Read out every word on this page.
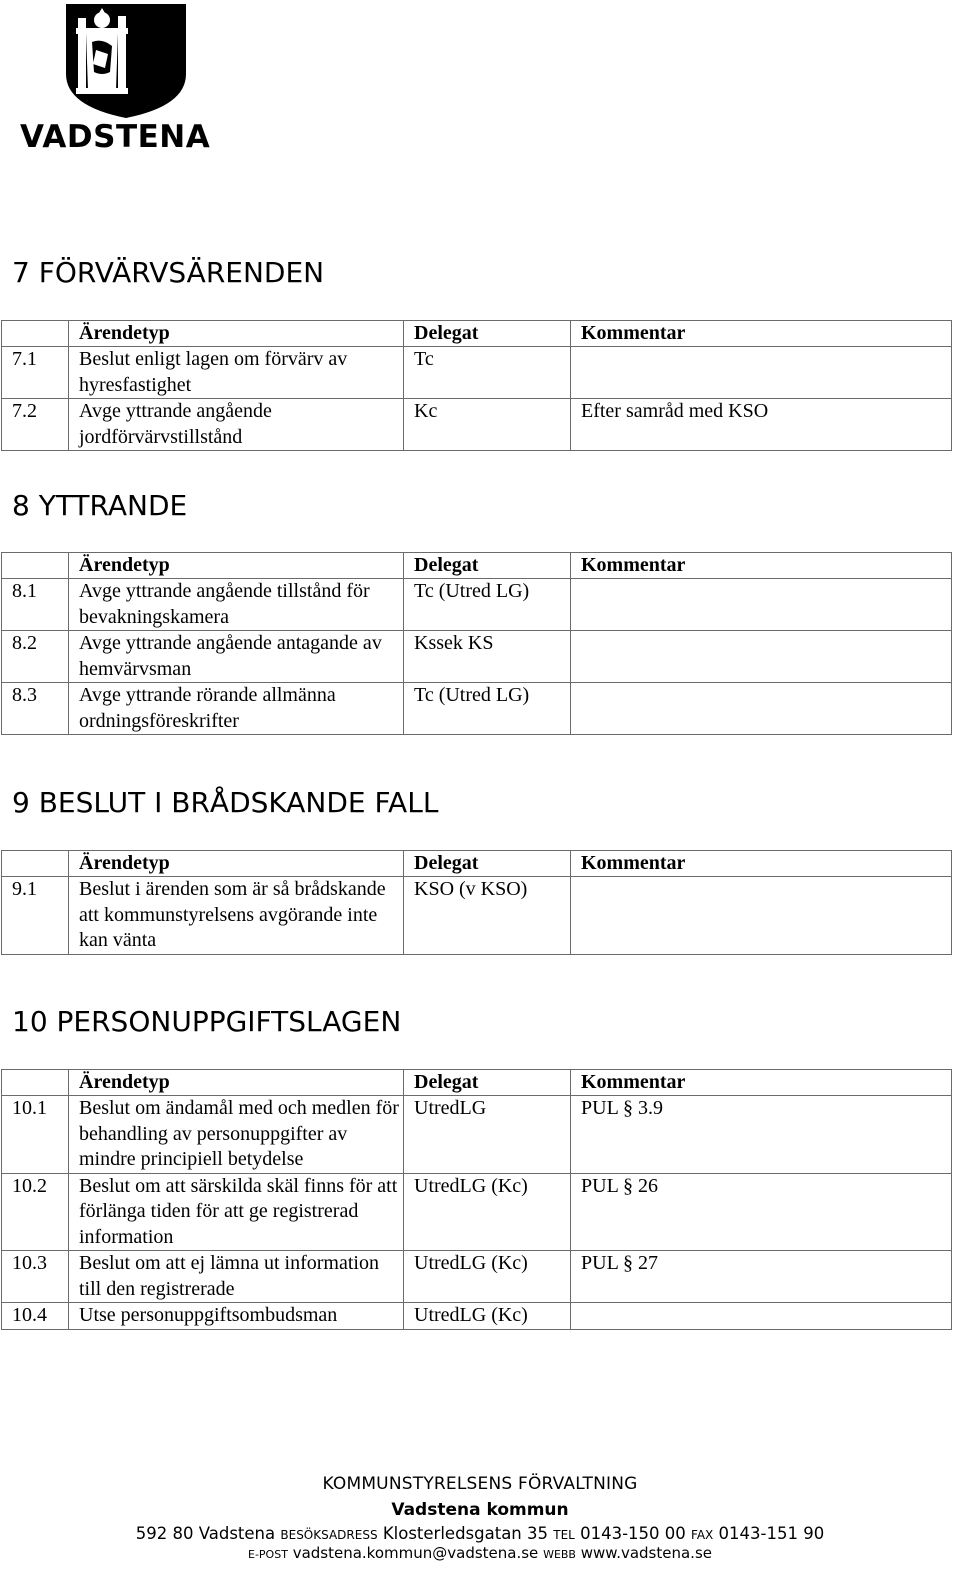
VADSTENA
7 FÖRVÄRVSÄRENDEN
	Ärendetyp	Delegat	Kommentar
7.1	Beslut enligt lagen om förvärv av hyresfastighet	Tc	
7.2	Avge yttrande angående jordförvärvstillstånd	Kc	Efter samråd med KSO
8 YTTRANDE
	Ärendetyp	Delegat	Kommentar
8.1	Avge yttrande angående tillstånd för bevakningskamera	Tc (Utred LG)	
8.2	Avge yttrande angående antagande av hemvärvsman	Kssek KS	
8.3	Avge yttrande rörande allmänna ordningsföreskrifter	Tc (Utred LG)	
9 BESLUT I BRÅDSKANDE FALL
	Ärendetyp	Delegat	Kommentar
9.1	Beslut i ärenden som är så brådskande att kommunstyrelsens avgörande inte kan vänta	KSO (v KSO)	
10 PERSONUPPGIFTSLAGEN
	Ärendetyp	Delegat	Kommentar
10.1	Beslut om ändamål med och medlen för behandling av personuppgifter av mindre principiell betydelse	UtredLG	PUL § 3.9
10.2	Beslut om att särskilda skäl finns för att förlänga tiden för att ge registrerad information	UtredLG (Kc)	PUL § 26
10.3	Beslut om att ej lämna ut information till den registrerade	UtredLG (Kc)	PUL § 27
10.4	Utse personuppgiftsombudsman	UtredLG (Kc)	
KOMMUNSTYRELSENS FÖRVALTNING
Vadstena kommun
592 80 Vadstena BESÖKSADRESS Klosterledsgatan 35 TEL 0143-150 00 FAX 0143-151 90
E-POST vadstena.kommun@vadstena.se WEBB www.vadstena.se
